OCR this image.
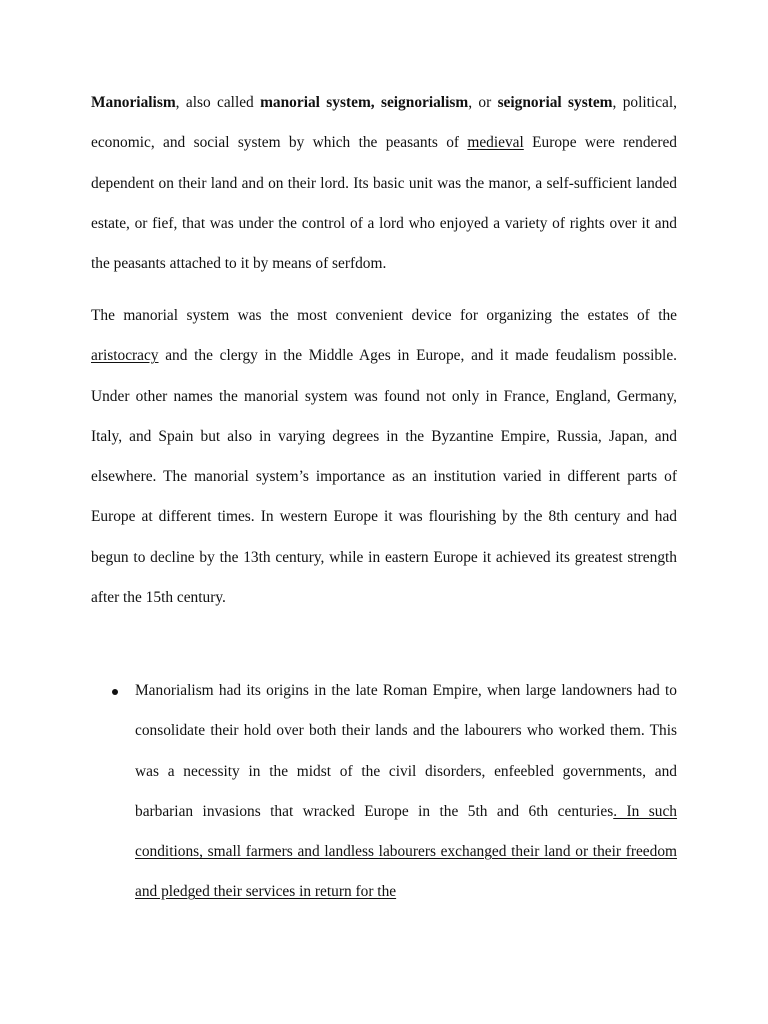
Manorialism, also called manorial system, seignorialism, or seignorial system, political, economic, and social system by which the peasants of medieval Europe were rendered dependent on their land and on their lord. Its basic unit was the manor, a self-sufficient landed estate, or fief, that was under the control of a lord who enjoyed a variety of rights over it and the peasants attached to it by means of serfdom.

The manorial system was the most convenient device for organizing the estates of the aristocracy and the clergy in the Middle Ages in Europe, and it made feudalism possible. Under other names the manorial system was found not only in France, England, Germany, Italy, and Spain but also in varying degrees in the Byzantine Empire, Russia, Japan, and elsewhere. The manorial system’s importance as an institution varied in different parts of Europe at different times. In western Europe it was flourishing by the 8th century and had begun to decline by the 13th century, while in eastern Europe it achieved its greatest strength after the 15th century.

Manorialism had its origins in the late Roman Empire, when large landowners had to consolidate their hold over both their lands and the labourers who worked them. This was a necessity in the midst of the civil disorders, enfeebled governments, and barbarian invasions that wracked Europe in the 5th and 6th centuries. In such conditions, small farmers and landless labourers exchanged their land or their freedom and pledged their services in return for the
